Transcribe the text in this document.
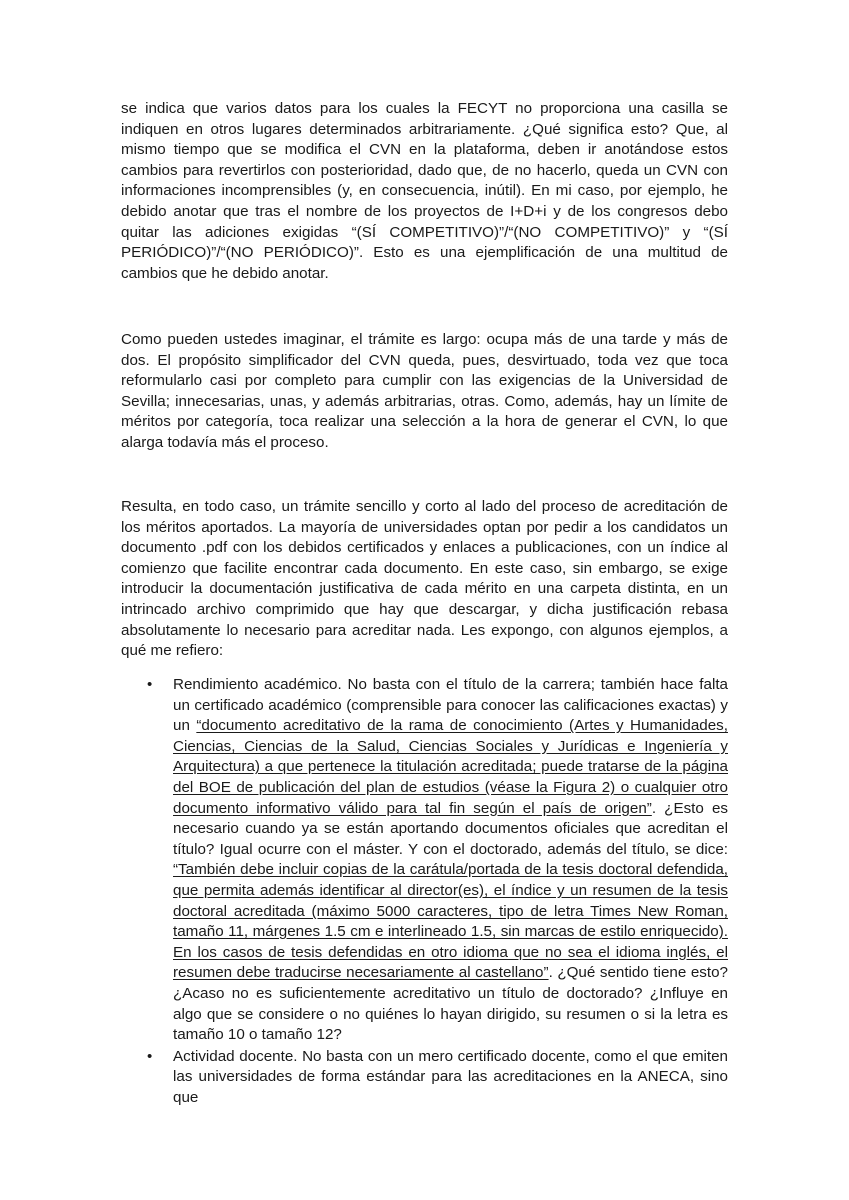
se indica que varios datos para los cuales la FECYT no proporciona una casilla se indiquen en otros lugares determinados arbitrariamente. ¿Qué significa esto? Que, al mismo tiempo que se modifica el CVN en la plataforma, deben ir anotándose estos cambios para revertirlos con posterioridad, dado que, de no hacerlo, queda un CVN con informaciones incomprensibles (y, en consecuencia, inútil). En mi caso, por ejemplo, he debido anotar que tras el nombre de los proyectos de I+D+i y de los congresos debo quitar las adiciones exigidas “(SÍ COMPETITIVO)”/“(NO COMPETITIVO)” y “(SÍ PERIÓDICO)”/“(NO PERIÓDICO)”. Esto es una ejemplificación de una multitud de cambios que he debido anotar.

Como pueden ustedes imaginar, el trámite es largo: ocupa más de una tarde y más de dos. El propósito simplificador del CVN queda, pues, desvirtuado, toda vez que toca reformularlo casi por completo para cumplir con las exigencias de la Universidad de Sevilla; innecesarias, unas, y además arbitrarias, otras. Como, además, hay un límite de méritos por categoría, toca realizar una selección a la hora de generar el CVN, lo que alarga todavía más el proceso.

Resulta, en todo caso, un trámite sencillo y corto al lado del proceso de acreditación de los méritos aportados. La mayoría de universidades optan por pedir a los candidatos un documento .pdf con los debidos certificados y enlaces a publicaciones, con un índice al comienzo que facilite encontrar cada documento. En este caso, sin embargo, se exige introducir la documentación justificativa de cada mérito en una carpeta distinta, en un intrincado archivo comprimido que hay que descargar, y dicha justificación rebasa absolutamente lo necesario para acreditar nada. Les expongo, con algunos ejemplos, a qué me refiero:

• Rendimiento académico. No basta con el título de la carrera; también hace falta un certificado académico (comprensible para conocer las calificaciones exactas) y un “documento acreditativo de la rama de conocimiento (Artes y Humanidades, Ciencias, Ciencias de la Salud, Ciencias Sociales y Jurídicas e Ingeniería y Arquitectura) a que pertenece la titulación acreditada; puede tratarse de la página del BOE de publicación del plan de estudios (véase la Figura 2) o cualquier otro documento informativo válido para tal fin según el país de origen”. ¿Esto es necesario cuando ya se están aportando documentos oficiales que acreditan el título? Igual ocurre con el máster. Y con el doctorado, además del título, se dice: “También debe incluir copias de la carátula/portada de la tesis doctoral defendida, que permita además identificar al director(es), el índice y un resumen de la tesis doctoral acreditada (máximo 5000 caracteres, tipo de letra Times New Roman, tamaño 11, márgenes 1.5 cm e interlineado 1.5, sin marcas de estilo enriquecido). En los casos de tesis defendidas en otro idioma que no sea el idioma inglés, el resumen debe traducirse necesariamente al castellano”. ¿Qué sentido tiene esto? ¿Acaso no es suficientemente acreditativo un título de doctorado? ¿Influye en algo que se considere o no quiénes lo hayan dirigido, su resumen o si la letra es tamaño 10 o tamaño 12?
• Actividad docente. No basta con un mero certificado docente, como el que emiten las universidades de forma estándar para las acreditaciones en la ANECA, sino que
